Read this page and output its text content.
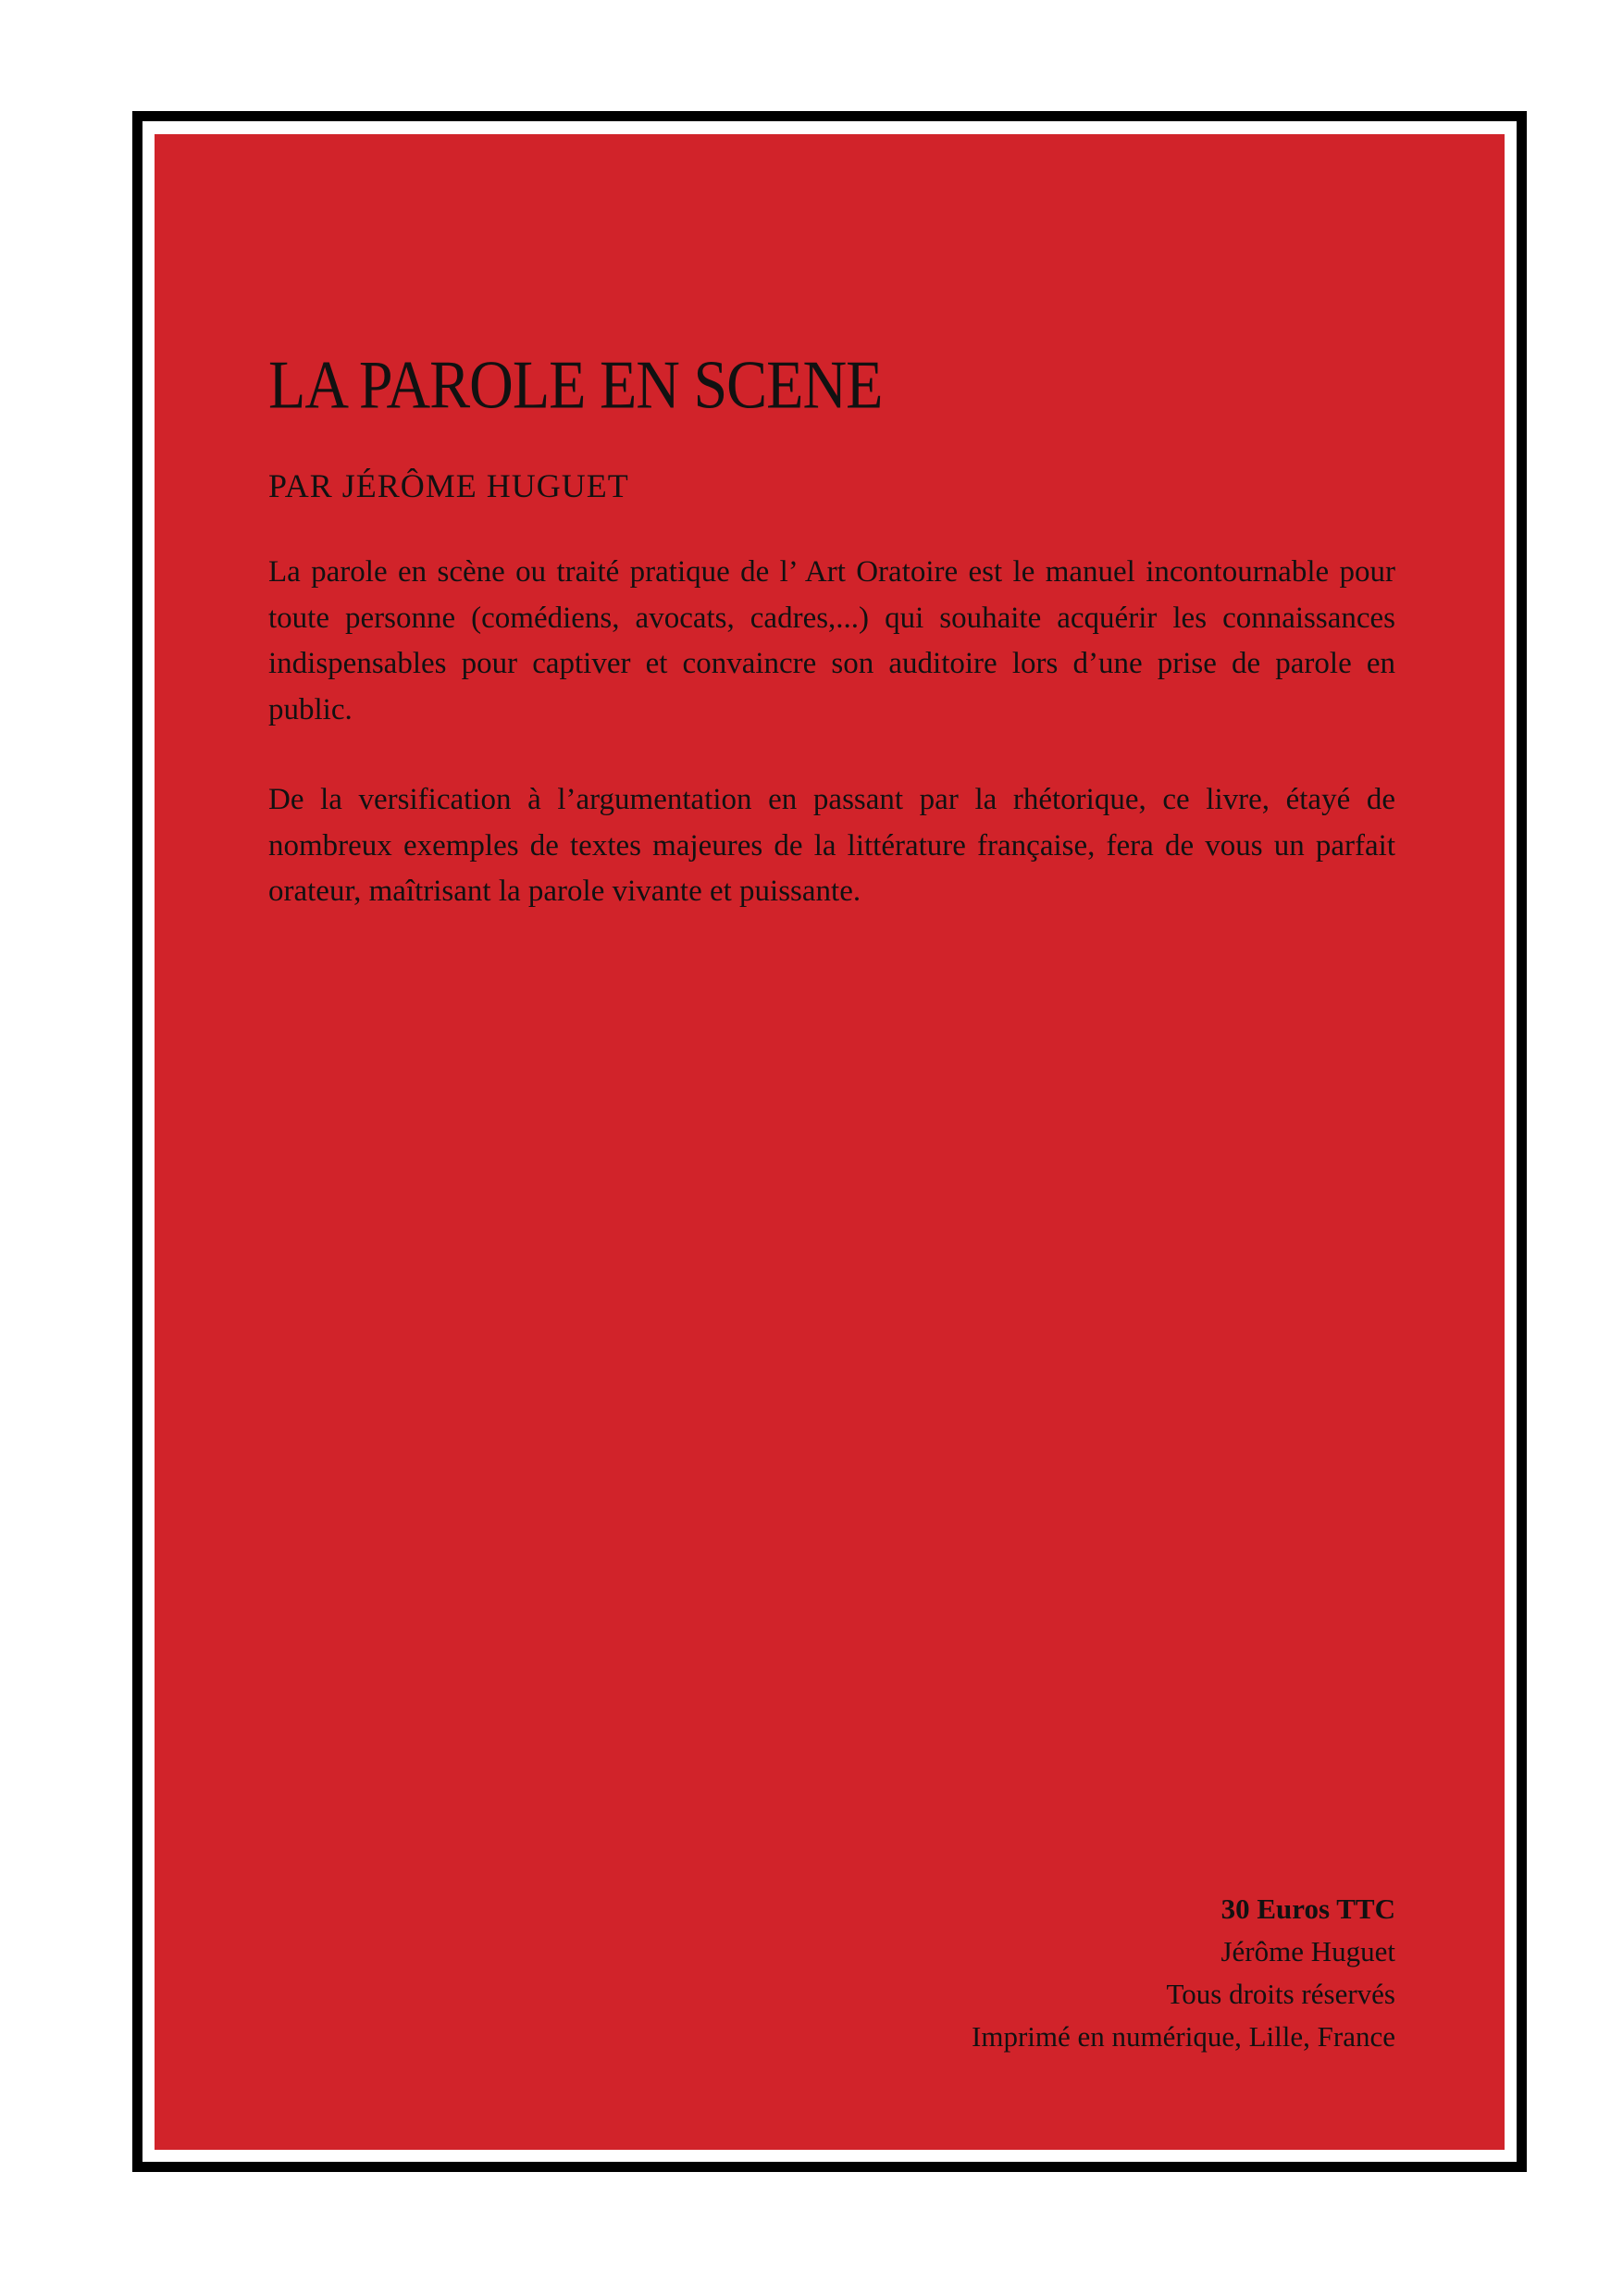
LA PAROLE EN SCENE

PAR JÉRÔME HUGUET

La parole en scène ou traité pratique de l’ Art Oratoire est le manuel incontournable pour toute personne (comédiens, avocats, cadres,...) qui souhaite acquérir les connaissances indispensables pour captiver et convaincre son auditoire lors d’une prise de parole en public.

De la versification à l’argumentation en passant par la rhétorique, ce livre, étayé de nombreux exemples de textes majeures de la littérature française, fera de vous un parfait orateur, maîtrisant la parole vivante et puissante.

30 Euros TTC
Jérôme Huguet
Tous droits réservés
Imprimé en numérique, Lille, France
